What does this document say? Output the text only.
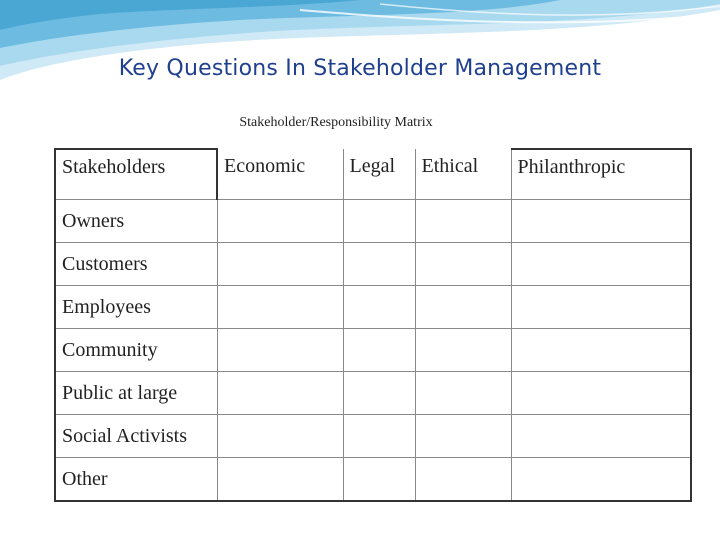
Key Questions In Stakeholder Management
Stakeholder/Responsibility Matrix
Stakeholders	Economic	Legal	Ethical	Philanthropic
Owners				
Customers				
Employees				
Community				
Public at large				
Social Activists				
Other				
